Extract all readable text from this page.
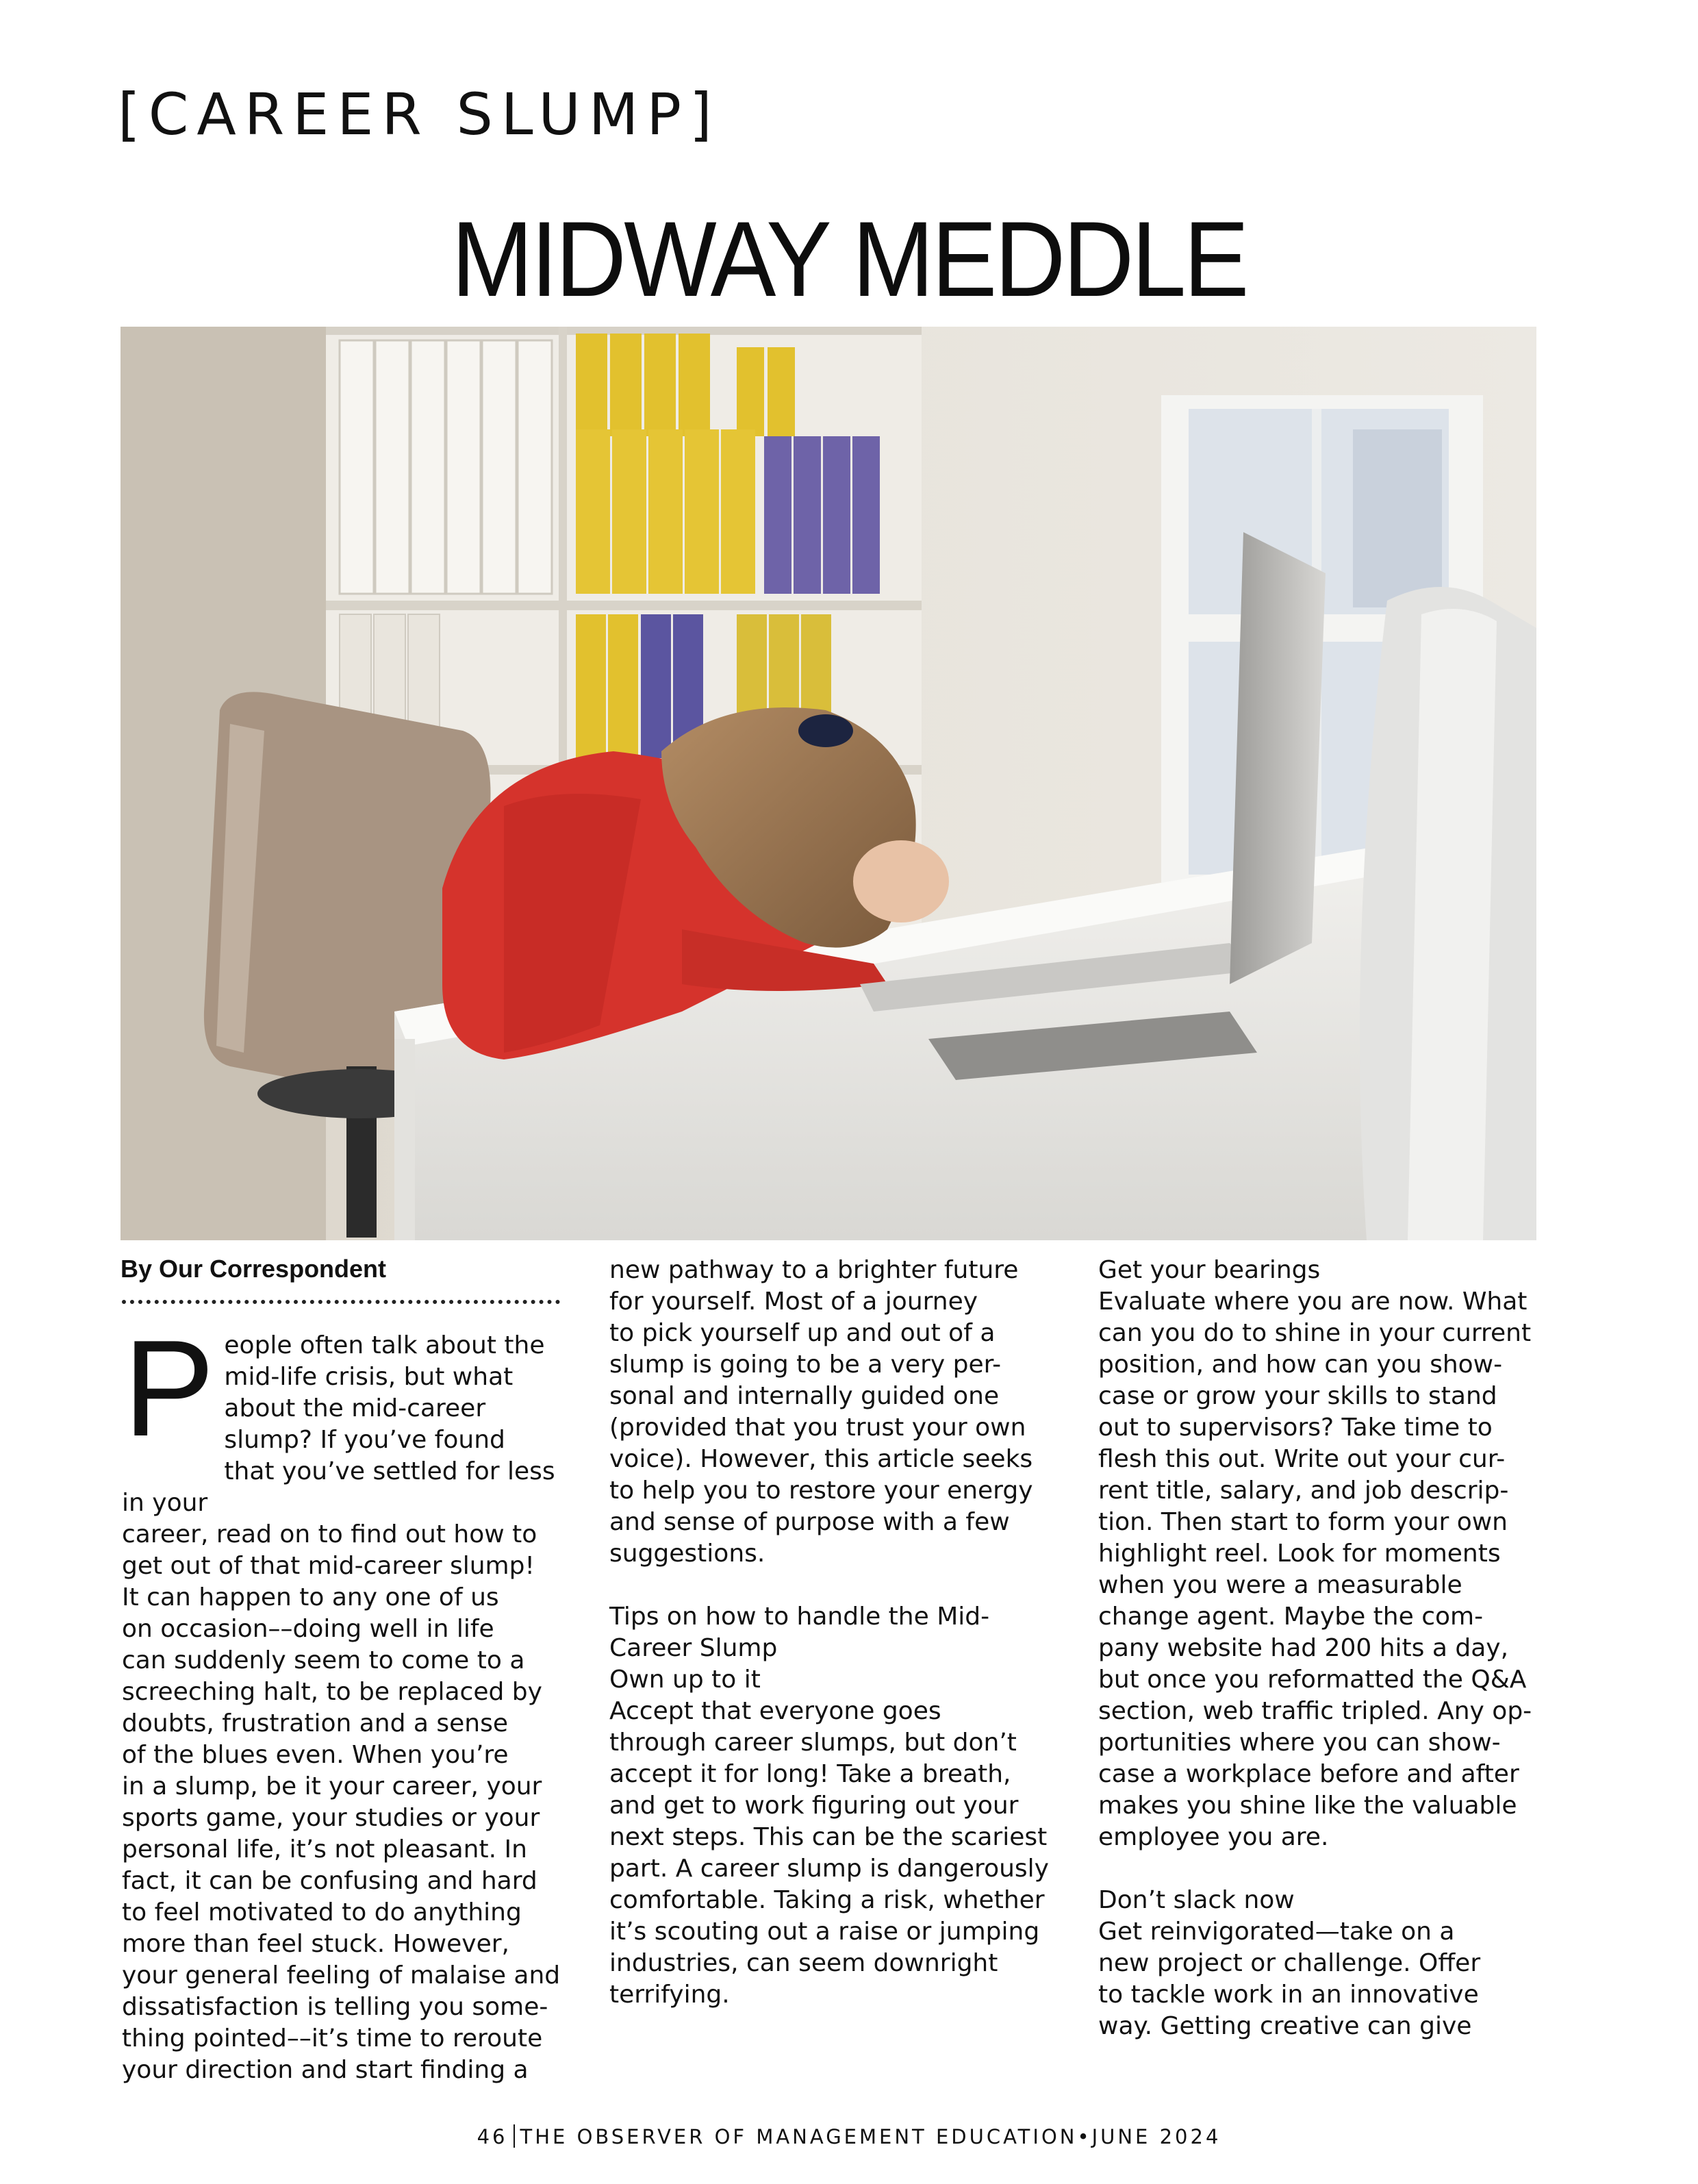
[CAREER SLUMP]
MIDWAY MEDDLE
By Our Correspondent
P eople often talk about the
mid-life crisis, but what
about the mid-career
slump? If you’ve found
that you’ve settled for less in your
career, read on to find out how to
get out of that mid-career slump!
It can happen to any one of us
on occasion––doing well in life
can suddenly seem to come to a
screeching halt, to be replaced by
doubts, frustration and a sense
of the blues even. When you’re
in a slump, be it your career, your
sports game, your studies or your
personal life, it’s not pleasant. In
fact, it can be confusing and hard
to feel motivated to do anything
more than feel stuck. However,
your general feeling of malaise and
dissatisfaction is telling you some-
thing pointed––it’s time to reroute
your direction and start finding a

new pathway to a brighter future
for yourself. Most of a journey
to pick yourself up and out of a
slump is going to be a very per-
sonal and internally guided one
(provided that you trust your own
voice). However, this article seeks
to help you to restore your energy
and sense of purpose with a few
suggestions.

Tips on how to handle the Mid-
Career Slump

Own up to it

Accept that everyone goes
through career slumps, but don’t
accept it for long! Take a breath,
and get to work figuring out your
next steps. This can be the scariest
part. A career slump is dangerously
comfortable. Taking a risk, whether
it’s scouting out a raise or jumping
industries, can seem downright
terrifying.

Get your bearings

Evaluate where you are now. What
can you do to shine in your current
position, and how can you show-
case or grow your skills to stand
out to supervisors? Take time to
flesh this out. Write out your cur-
rent title, salary, and job descrip-
tion. Then start to form your own
highlight reel. Look for moments
when you were a measurable
change agent. Maybe the com-
pany website had 200 hits a day,
but once you reformatted the Q&A
section, web traffic tripled. Any op-
portunities where you can show-
case a workplace before and after
makes you shine like the valuable
employee you are.

Don’t slack now

Get reinvigorated—take on a
new project or challenge. Offer
to tackle work in an innovative
way. Getting creative can give

46 THE OBSERVER OF MANAGEMENT EDUCATION•JUNE 2024
